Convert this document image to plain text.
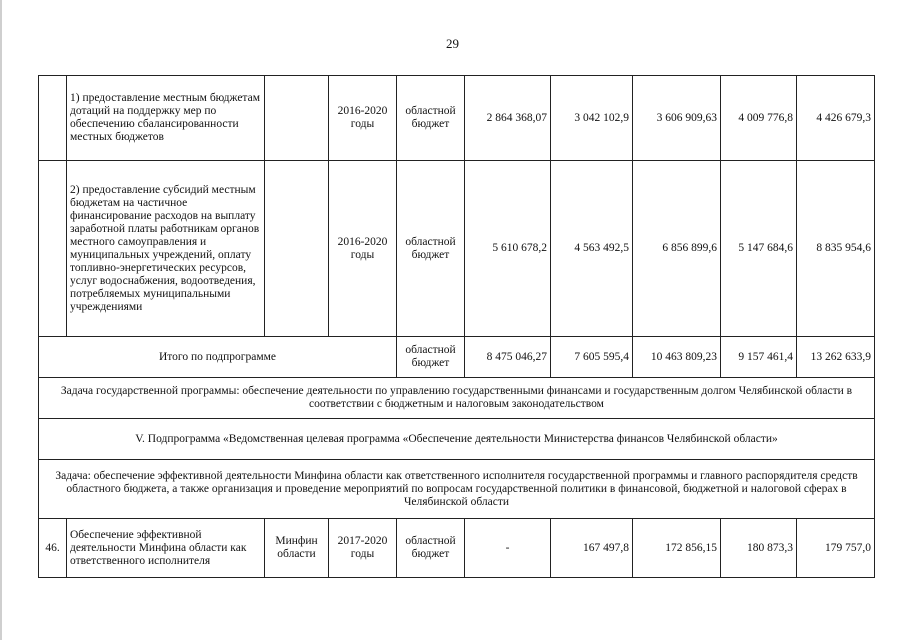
29
	1) предоставление местным бюджетам дотаций на поддержку мер по обеспечению сбалансированности местных бюджетов		2016-2020 годы	областной бюджет	2 864 368,07	3 042 102,9	3 606 909,63	4 009 776,8	4 426 679,3
	2) предоставление субсидий местным бюджетам на частичное финансирование расходов на выплату заработной платы работникам органов местного самоуправления и муниципальных учреждений, оплату топливно-энергетических ресурсов, услуг водоснабжения, водоотведения, потребляемых муниципальными учреждениями		2016-2020 годы	областной бюджет	5 610 678,2	4 563 492,5	6 856 899,6	5 147 684,6	8 835 954,6
Итого по подпрограмме				областной бюджет	8 475 046,27	7 605 595,4	10 463 809,23	9 157 461,4	13 262 633,9
Задача государственной программы: обеспечение деятельности по управлению государственными финансами и государственным долгом Челябинской области в соответствии с бюджетным и налоговым законодательством									
V. Подпрограмма «Ведомственная целевая программа «Обеспечение деятельности Министерства финансов Челябинской области»									
Задача: обеспечение эффективной деятельности Минфина области как ответственного исполнителя государственной программы и главного распорядителя средств областного бюджета, а также организация и проведение мероприятий по вопросам государственной политики в финансовой, бюджетной и налоговой сферах в Челябинской области									
46.	Обеспечение эффективной деятельности Минфина области как ответственного исполнителя	Минфин области	2017-2020 годы	областной бюджет	-	167 497,8	172 856,15	180 873,3	179 757,0
